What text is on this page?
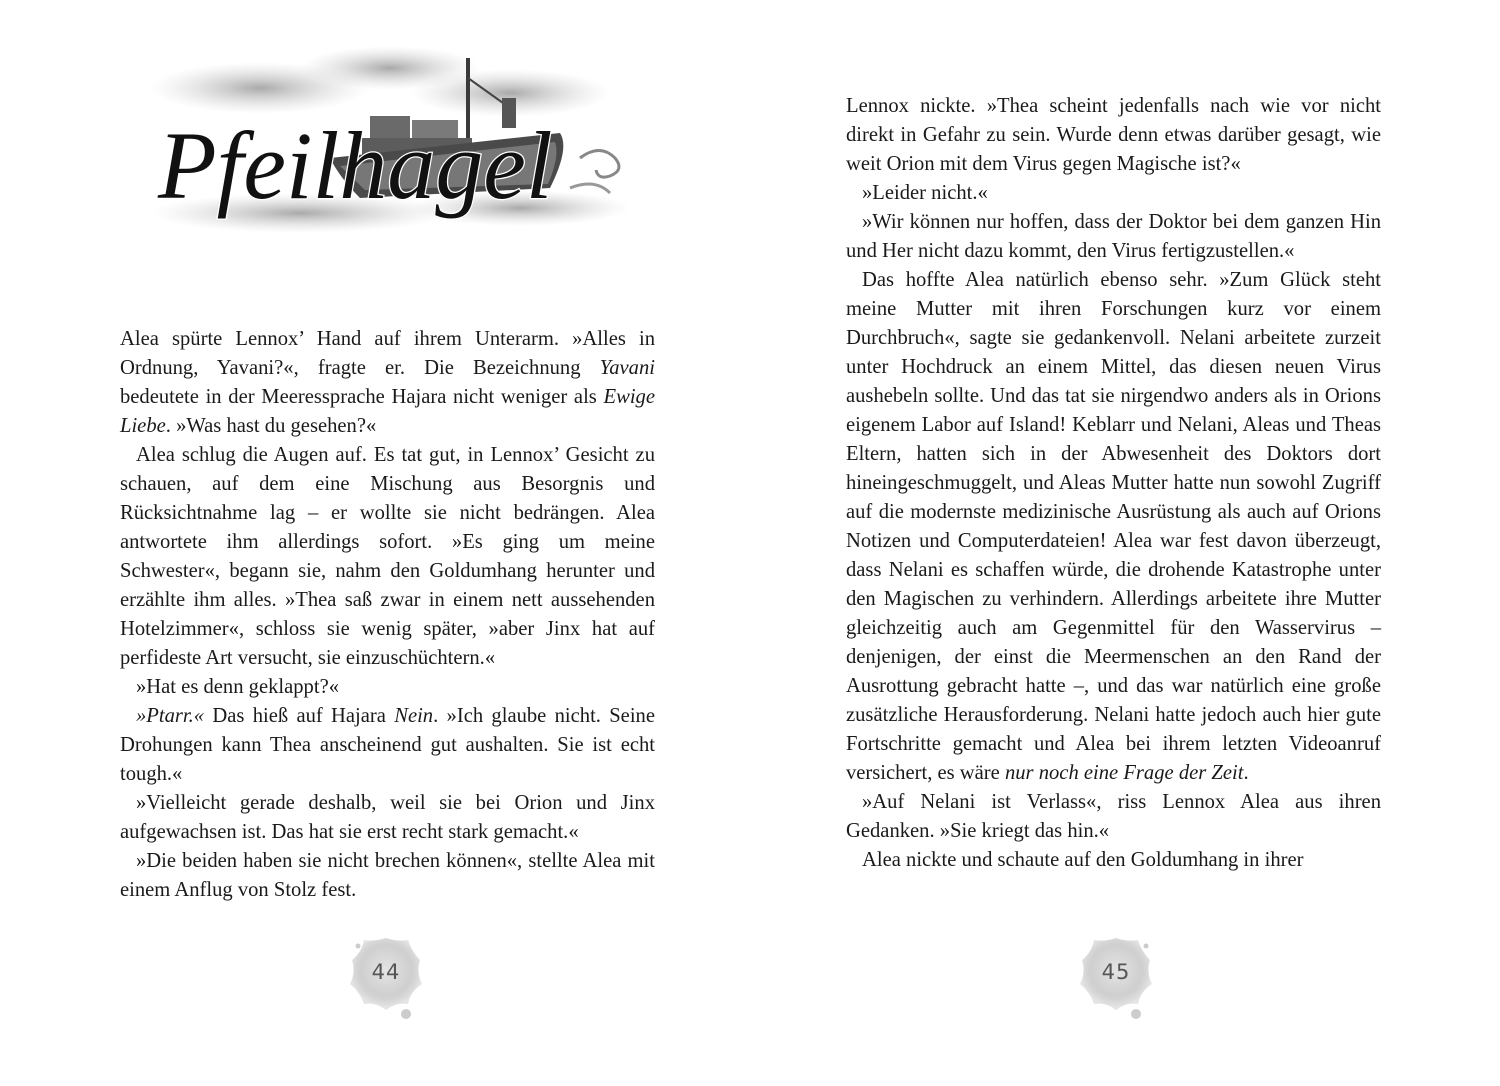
Pfeilhagel

Alea spürte Lennox’ Hand auf ihrem Unterarm. »Alles in Ordnung, Yavani?«, fragte er. Die Bezeichnung Yavani bedeutete in der Meeressprache Hajara nicht weniger als Ewige Liebe. »Was hast du gesehen?«

Alea schlug die Augen auf. Es tat gut, in Lennox’ Gesicht zu schauen, auf dem eine Mischung aus Besorgnis und Rücksichtnahme lag – er wollte sie nicht bedrängen. Alea antwortete ihm allerdings sofort. »Es ging um meine Schwester«, begann sie, nahm den Goldumhang herunter und erzählte ihm alles. »Thea saß zwar in einem nett aussehenden Hotelzimmer«, schloss sie wenig später, »aber Jinx hat auf perfideste Art versucht, sie einzuschüchtern.«

»Hat es denn geklappt?«

»Ptarr.« Das hieß auf Hajara Nein. »Ich glaube nicht. Seine Drohungen kann Thea anscheinend gut aushalten. Sie ist echt tough.«

»Vielleicht gerade deshalb, weil sie bei Orion und Jinx aufgewachsen ist. Das hat sie erst recht stark gemacht.«

»Die beiden haben sie nicht brechen können«, stellte Alea mit einem Anflug von Stolz fest.

44

Lennox nickte. »Thea scheint jedenfalls nach wie vor nicht direkt in Gefahr zu sein. Wurde denn etwas darüber gesagt, wie weit Orion mit dem Virus gegen Magische ist?«

»Leider nicht.«

»Wir können nur hoffen, dass der Doktor bei dem ganzen Hin und Her nicht dazu kommt, den Virus fertigzustellen.«

Das hoffte Alea natürlich ebenso sehr. »Zum Glück steht meine Mutter mit ihren Forschungen kurz vor einem Durchbruch«, sagte sie gedankenvoll. Nelani arbeitete zurzeit unter Hochdruck an einem Mittel, das diesen neuen Virus aushebeln sollte. Und das tat sie nirgendwo anders als in Orions eigenem Labor auf Island! Keblarr und Nelani, Aleas und Theas Eltern, hatten sich in der Abwesenheit des Doktors dort hineingeschmuggelt, und Aleas Mutter hatte nun sowohl Zugriff auf die modernste medizinische Ausrüstung als auch auf Orions Notizen und Computerdateien! Alea war fest davon überzeugt, dass Nelani es schaffen würde, die drohende Katastrophe unter den Magischen zu verhindern. Allerdings arbeitete ihre Mutter gleichzeitig auch am Gegenmittel für den Wasservirus – denjenigen, der einst die Meermenschen an den Rand der Ausrottung gebracht hatte –, und das war natürlich eine große zusätzliche Herausforderung. Nelani hatte jedoch auch hier gute Fortschritte gemacht und Alea bei ihrem letzten Videoanruf versichert, es wäre nur noch eine Frage der Zeit.

»Auf Nelani ist Verlass«, riss Lennox Alea aus ihren Gedanken. »Sie kriegt das hin.«

Alea nickte und schaute auf den Goldumhang in ihrer

45
